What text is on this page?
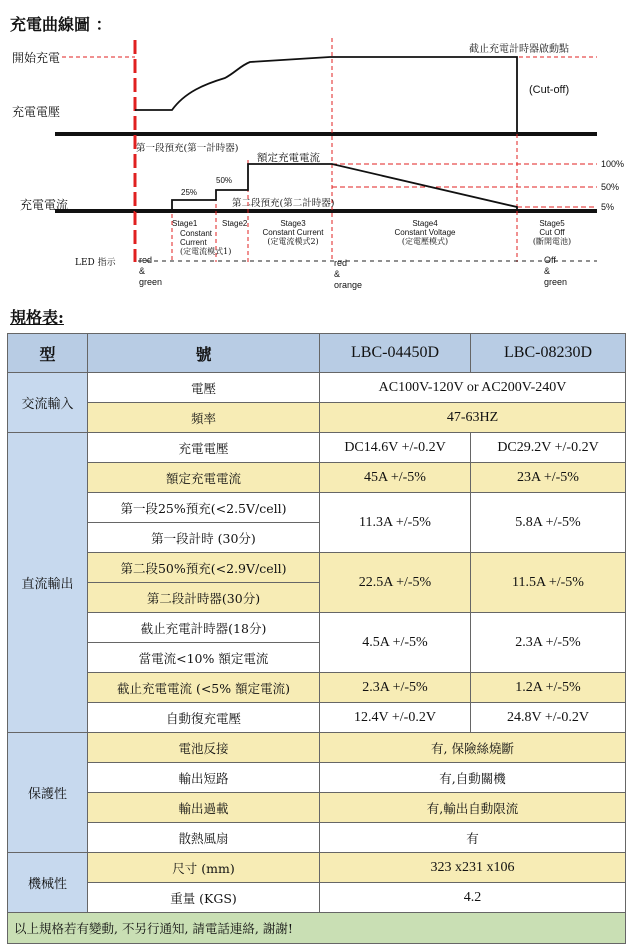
充電曲線圖 ：
開始充電
充電電壓
充電電流
截止充電計時器啟動點
(Cut-off)
第一段預充(第一計時器)
額定充電電流
第二段預充(第二計時器)
25%
50%
100%
50%
5%
Stage1	Stage2
Constant Current
(定電流模式1)
Stage3
Constant Current
(定電流模式2)
Stage4
Constant Voltage
(定電壓模式)
Stage5
Cut Off
(斷開電池)
LED 指示	red
&
green
red
&
orange
Off
&
green
規格表:
型	號	LBC-04450D	LBC-08230D
交流輸入	電壓	AC100V-120V or AC200V-240V	
	頻率	47-63HZ	
直流輸出	充電電壓	DC14.6V +/-0.2V	DC29.2V +/-0.2V
	額定充電電流	45A +/-5%	23A +/-5%
	第一段25%預充(<2.5V/cell)	11.3A +/-5%	5.8A +/-5%
	第一段計時 (30分)		
	第二段50%預充(<2.9V/cell)	22.5A +/-5%	11.5A +/-5%
	第二段計時器(30分)		
	截止充電計時器(18分)	4.5A +/-5%	2.3A +/-5%
	當電流<10% 額定電流		
	截止充電電流 (<5% 額定電流)	2.3A +/-5%	1.2A +/-5%
	自動復充電壓	12.4V +/-0.2V	24.8V +/-0.2V
保護性	電池反接	有, 保險絲燒斷	
	輸出短路	有,自動關機	
	輸出過載	有,輸出自動限流	
	散熱風扇	有	
機械性	尺寸 (mm)	323 x231 x106	
	重量 (KGS)	4.2	
以上規格若有變動, 不另行通知, 請電話連絡, 謝謝!			
